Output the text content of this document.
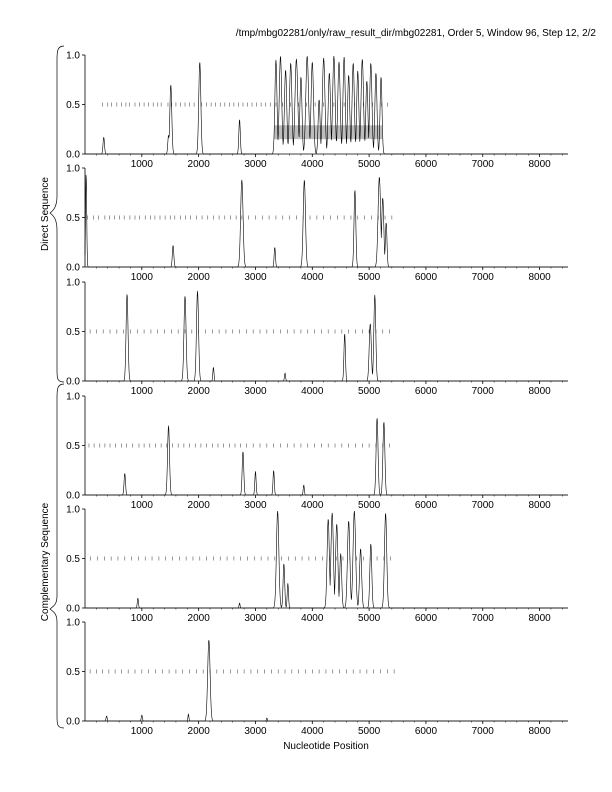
/tmp/mbg02281/only/raw_result_dir/mbg02281, Order 5, Window 96, Step 12, 2/2
0.0
0.5
1.0
1000	2000	3000	4000	5000	6000	7000	8000
0.0
0.5
1.0
1000	2000	3000	4000	5000	6000	7000	8000
0.0
0.5
1.0
1000	2000	3000	4000	5000	6000	7000	8000
0.0
0.5
1.0
1000	2000	3000	4000	5000	6000	7000	8000
0.0
0.5
1.0
1000	2000	3000	4000	5000	6000	7000	8000
0.0
0.5
1.0
1000	2000	3000	4000	5000	6000	7000	8000
Direct Sequence
Complementary Sequence
Nucleotide Position
